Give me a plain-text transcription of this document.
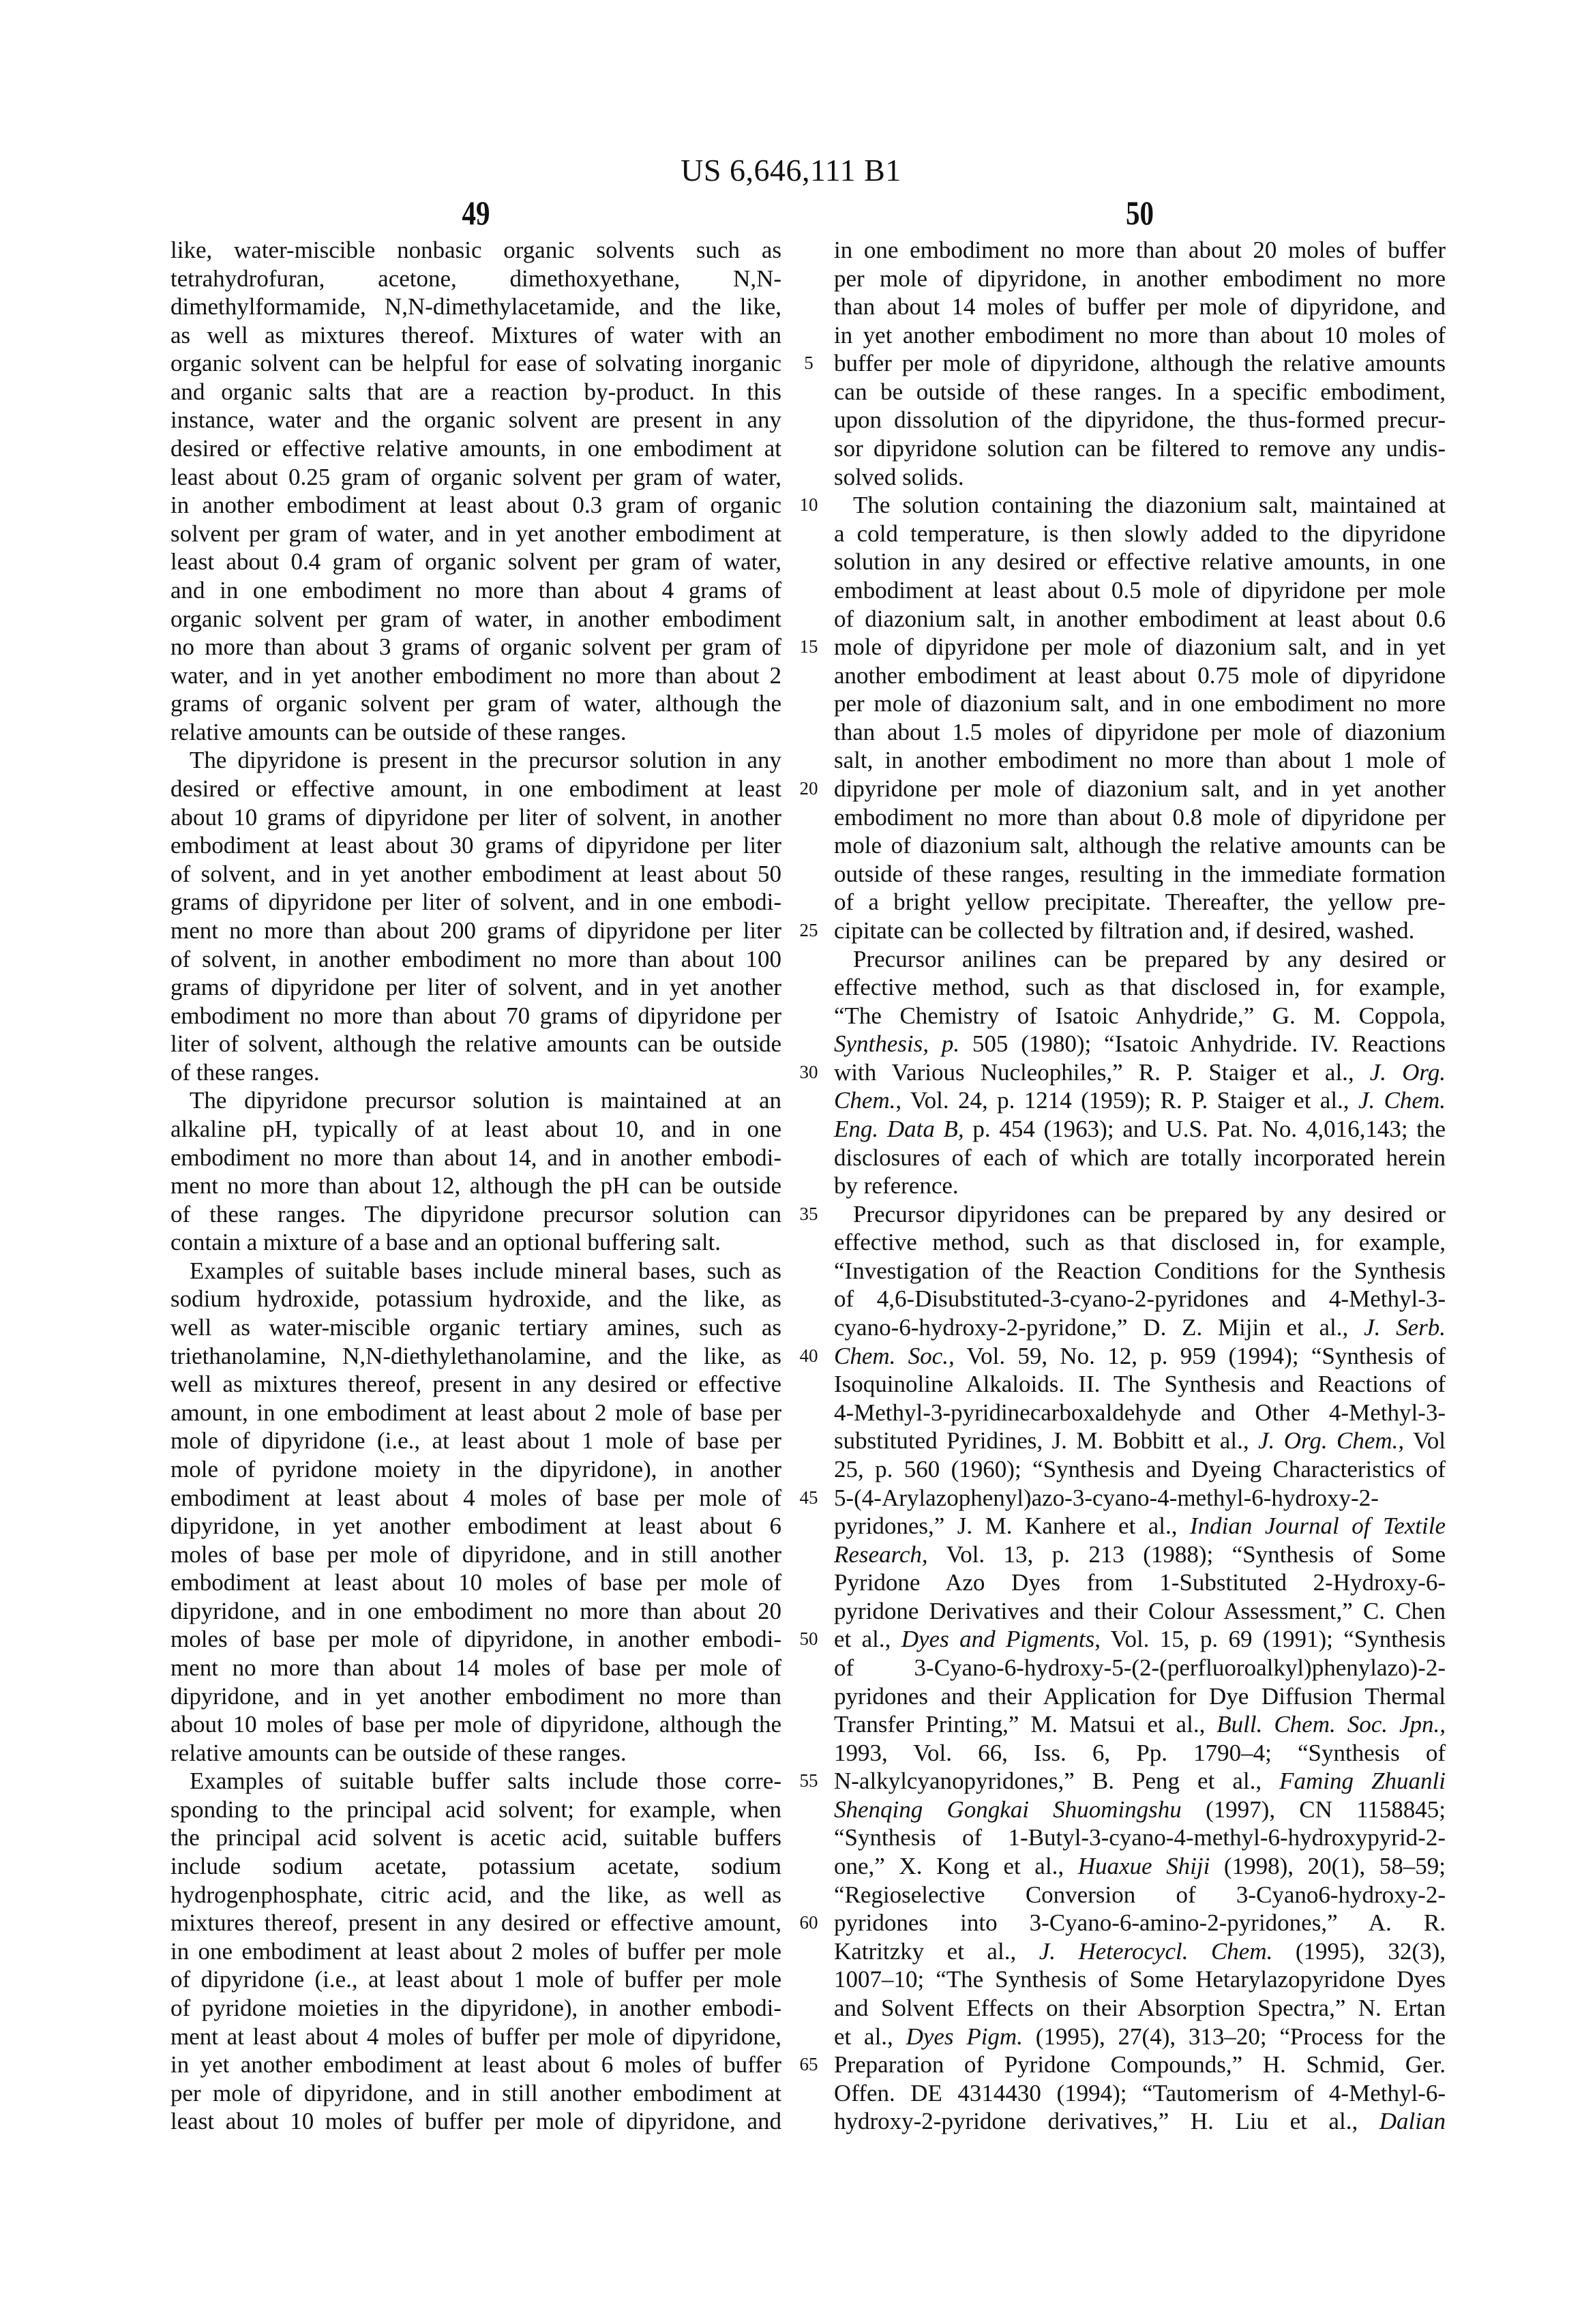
US 6,646,111 B1
49	50
like, water-miscible nonbasic organic solvents such as
tetrahydrofuran, acetone, dimethoxyethane, N,N-
dimethylformamide, N,N-dimethylacetamide, and the like,
as well as mixtures thereof. Mixtures of water with an
organic solvent can be helpful for ease of solvating inorganic
and organic salts that are a reaction by-product. In this
instance, water and the organic solvent are present in any
desired or effective relative amounts, in one embodiment at
least about 0.25 gram of organic solvent per gram of water,
in another embodiment at least about 0.3 gram of organic
solvent per gram of water, and in yet another embodiment at
least about 0.4 gram of organic solvent per gram of water,
and in one embodiment no more than about 4 grams of
organic solvent per gram of water, in another embodiment
no more than about 3 grams of organic solvent per gram of
water, and in yet another embodiment no more than about 2
grams of organic solvent per gram of water, although the
relative amounts can be outside of these ranges.
The dipyridone is present in the precursor solution in any
desired or effective amount, in one embodiment at least
about 10 grams of dipyridone per liter of solvent, in another
embodiment at least about 30 grams of dipyridone per liter
of solvent, and in yet another embodiment at least about 50
grams of dipyridone per liter of solvent, and in one embodi-
ment no more than about 200 grams of dipyridone per liter
of solvent, in another embodiment no more than about 100
grams of dipyridone per liter of solvent, and in yet another
embodiment no more than about 70 grams of dipyridone per
liter of solvent, although the relative amounts can be outside
of these ranges.
The dipyridone precursor solution is maintained at an
alkaline pH, typically of at least about 10, and in one
embodiment no more than about 14, and in another embodi-
ment no more than about 12, although the pH can be outside
of these ranges. The dipyridone precursor solution can
contain a mixture of a base and an optional buffering salt.
Examples of suitable bases include mineral bases, such as
sodium hydroxide, potassium hydroxide, and the like, as
well as water-miscible organic tertiary amines, such as
triethanolamine, N,N-diethylethanolamine, and the like, as
well as mixtures thereof, present in any desired or effective
amount, in one embodiment at least about 2 mole of base per
mole of dipyridone (i.e., at least about 1 mole of base per
mole of pyridone moiety in the dipyridone), in another
embodiment at least about 4 moles of base per mole of
dipyridone, in yet another embodiment at least about 6
moles of base per mole of dipyridone, and in still another
embodiment at least about 10 moles of base per mole of
dipyridone, and in one embodiment no more than about 20
moles of base per mole of dipyridone, in another embodi-
ment no more than about 14 moles of base per mole of
dipyridone, and in yet another embodiment no more than
about 10 moles of base per mole of dipyridone, although the
relative amounts can be outside of these ranges.
Examples of suitable buffer salts include those corre-
sponding to the principal acid solvent; for example, when
the principal acid solvent is acetic acid, suitable buffers
include sodium acetate, potassium acetate, sodium
hydrogenphosphate, citric acid, and the like, as well as
mixtures thereof, present in any desired or effective amount,
in one embodiment at least about 2 moles of buffer per mole
of dipyridone (i.e., at least about 1 mole of buffer per mole
of pyridone moieties in the dipyridone), in another embodi-
ment at least about 4 moles of buffer per mole of dipyridone,
in yet another embodiment at least about 6 moles of buffer
per mole of dipyridone, and in still another embodiment at
least about 10 moles of buffer per mole of dipyridone, and
in one embodiment no more than about 20 moles of buffer
per mole of dipyridone, in another embodiment no more
than about 14 moles of buffer per mole of dipyridone, and
in yet another embodiment no more than about 10 moles of
buffer per mole of dipyridone, although the relative amounts
can be outside of these ranges. In a specific embodiment,
upon dissolution of the dipyridone, the thus-formed precur-
sor dipyridone solution can be filtered to remove any undis-
solved solids.
The solution containing the diazonium salt, maintained at
a cold temperature, is then slowly added to the dipyridone
solution in any desired or effective relative amounts, in one
embodiment at least about 0.5 mole of dipyridone per mole
of diazonium salt, in another embodiment at least about 0.6
mole of dipyridone per mole of diazonium salt, and in yet
another embodiment at least about 0.75 mole of dipyridone
per mole of diazonium salt, and in one embodiment no more
than about 1.5 moles of dipyridone per mole of diazonium
salt, in another embodiment no more than about 1 mole of
dipyridone per mole of diazonium salt, and in yet another
embodiment no more than about 0.8 mole of dipyridone per
mole of diazonium salt, although the relative amounts can be
outside of these ranges, resulting in the immediate formation
of a bright yellow precipitate. Thereafter, the yellow pre-
cipitate can be collected by filtration and, if desired, washed.
Precursor anilines can be prepared by any desired or
effective method, such as that disclosed in, for example,
“The Chemistry of Isatoic Anhydride,” G. M. Coppola,
Synthesis, p. 505 (1980); “Isatoic Anhydride. IV. Reactions
with Various Nucleophiles,” R. P. Staiger et al., J. Org.
Chem., Vol. 24, p. 1214 (1959); R. P. Staiger et al., J. Chem.
Eng. Data B, p. 454 (1963); and U.S. Pat. No. 4,016,143; the
disclosures of each of which are totally incorporated herein
by reference.
Precursor dipyridones can be prepared by any desired or
effective method, such as that disclosed in, for example,
“Investigation of the Reaction Conditions for the Synthesis
of 4,6-Disubstituted-3-cyano-2-pyridones and 4-Methyl-3-
cyano-6-hydroxy-2-pyridone,” D. Z. Mijin et al., J. Serb.
Chem. Soc., Vol. 59, No. 12, p. 959 (1994); “Synthesis of
Isoquinoline Alkaloids. II. The Synthesis and Reactions of
4-Methyl-3-pyridinecarboxaldehyde and Other 4-Methyl-3-
substituted Pyridines, J. M. Bobbitt et al., J. Org. Chem., Vol
25, p. 560 (1960); “Synthesis and Dyeing Characteristics of
5-(4-Arylazophenyl)azo-3-cyano-4-methyl-6-hydroxy-2-
pyridones,” J. M. Kanhere et al., Indian Journal of Textile
Research, Vol. 13, p. 213 (1988); “Synthesis of Some
Pyridone Azo Dyes from 1-Substituted 2-Hydroxy-6-
pyridone Derivatives and their Colour Assessment,” C. Chen
et al., Dyes and Pigments, Vol. 15, p. 69 (1991); “Synthesis
of 3-Cyano-6-hydroxy-5-(2-(perfluoroalkyl)phenylazo)-2-
pyridones and their Application for Dye Diffusion Thermal
Transfer Printing,” M. Matsui et al., Bull. Chem. Soc. Jpn.,
1993, Vol. 66, Iss. 6, Pp. 1790–4; “Synthesis of
N-alkylcyanopyridones,” B. Peng et al., Faming Zhuanli
Shenqing Gongkai Shuomingshu (1997), CN 1158845;
“Synthesis of 1-Butyl-3-cyano-4-methyl-6-hydroxypyrid-2-
one,” X. Kong et al., Huaxue Shiji (1998), 20(1), 58–59;
“Regioselective Conversion of 3-Cyano6-hydroxy-2-
pyridones into 3-Cyano-6-amino-2-pyridones,” A. R.
Katritzky et al., J. Heterocycl. Chem. (1995), 32(3),
1007–10; “The Synthesis of Some Hetarylazopyridone Dyes
and Solvent Effects on their Absorption Spectra,” N. Ertan
et al., Dyes Pigm. (1995), 27(4), 313–20; “Process for the
Preparation of Pyridone Compounds,” H. Schmid, Ger.
Offen. DE 4314430 (1994); “Tautomerism of 4-Methyl-6-
hydroxy-2-pyridone derivatives,” H. Liu et al., Dalian
5
10
15
20
25
30
35
40
45
50
55
60
65
